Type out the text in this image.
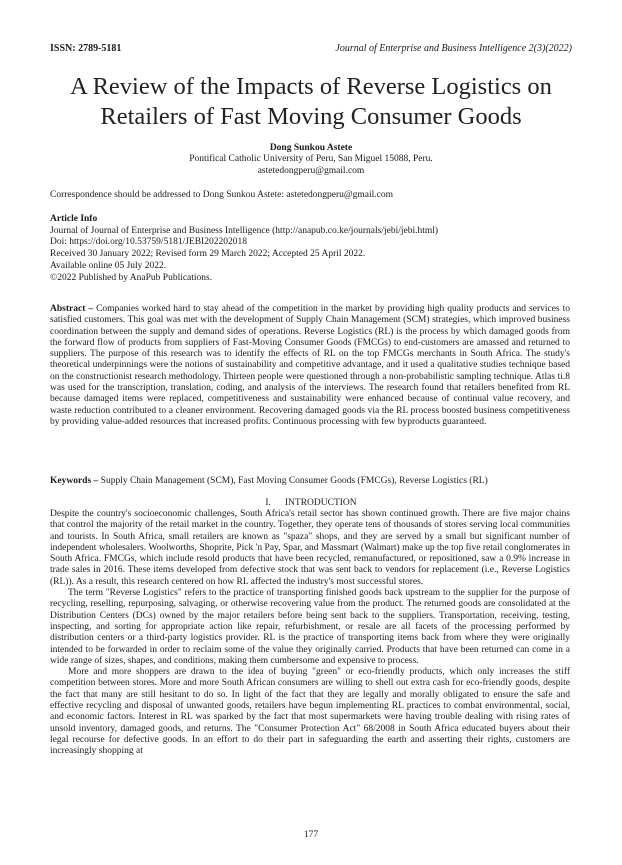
ISSN: 2789-5181	Journal of Enterprise and Business Intelligence 2(3)(2022)
A Review of the Impacts of Reverse Logistics on
Retailers of Fast Moving Consumer Goods
Dong Sunkou Astete
Pontifical Catholic University of Peru, San Miguel 15088, Peru.
astetedongperu@gmail.com
Correspondence should be addressed to Dong Sunkou Astete: astetedongperu@gmail.com
Article Info
Journal of Journal of Enterprise and Business Intelligence (http://anapub.co.ke/journals/jebi/jebi.html)
Doi: https://doi.org/10.53759/5181/JEBI202202018
Received 30 January 2022; Revised form 29 March 2022; Accepted 25 April 2022.
Available online 05 July 2022.
©2022 Published by AnaPub Publications.
Abstract – Companies worked hard to stay ahead of the competition in the market by providing high quality products and services to satisfied customers. This goal was met with the development of Supply Chain Management (SCM) strategies, which improved business coordination between the supply and demand sides of operations. Reverse Logistics (RL) is the process by which damaged goods from the forward flow of products from suppliers of Fast-Moving Consumer Goods (FMCGs) to end-customers are amassed and returned to suppliers. The purpose of this research was to identify the effects of RL on the top FMCGs merchants in South Africa. The study's theoretical underpinnings were the notions of sustainability and competitive advantage, and it used a qualitative studies technique based on the constructionist research methodology. Thirteen people were questioned through a non-probabilistic sampling technique. Atlas ti.8 was used for the transcription, translation, coding, and analysis of the interviews. The research found that retailers benefited from RL because damaged items were replaced, competitiveness and sustainability were enhanced because of continual value recovery, and waste reduction contributed to a cleaner environment. Recovering damaged goods via the RL process boosted business competitiveness by providing value-added resources that increased profits. Continuous processing with few byproducts guaranteed.
Keywords – Supply Chain Management (SCM), Fast Moving Consumer Goods (FMCGs), Reverse Logistics (RL)
I. INTRODUCTION

Despite the country's socioeconomic challenges, South Africa's retail sector has shown continued growth. There are five major chains that control the majority of the retail market in the country. Together, they operate tens of thousands of stores serving local communities and tourists. In South Africa, small retailers are known as "spaza" shops, and they are served by a small but significant number of independent wholesalers. Woolworths, Shoprite, Pick 'n Pay, Spar, and Massmart (Walmart) make up the top five retail conglomerates in South Africa. FMCGs, which include resold products that have been recycled, remanufactured, or repositioned, saw a 0.9% increase in trade sales in 2016. These items developed from defective stock that was sent back to vendors for replacement (i.e., Reverse Logistics (RL)). As a result, this research centered on how RL affected the industry's most successful stores.

The term "Reverse Logistics" refers to the practice of transporting finished goods back upstream to the supplier for the purpose of recycling, reselling, repurposing, salvaging, or otherwise recovering value from the product. The returned goods are consolidated at the Distribution Centers (DCs) owned by the major retailers before being sent back to the suppliers. Transportation, receiving, testing, inspecting, and sorting for appropriate action like repair, refurbishment, or resale are all facets of the processing performed by distribution centers or a third-party logistics provider. RL is the practice of transporting items back from where they were originally intended to be forwarded in order to reclaim some of the value they originally carried. Products that have been returned can come in a wide range of sizes, shapes, and conditions, making them cumbersome and expensive to process.

More and more shoppers are drawn to the idea of buying "green" or eco-friendly products, which only increases the stiff competition between stores. More and more South African consumers are willing to shell out extra cash for eco-friendly goods, despite the fact that many are still hesitant to do so. In light of the fact that they are legally and morally obligated to ensure the safe and effective recycling and disposal of unwanted goods, retailers have begun implementing RL practices to combat environmental, social, and economic factors. Interest in RL was sparked by the fact that most supermarkets were having trouble dealing with rising rates of unsold inventory, damaged goods, and returns. The "Consumer Protection Act" 68/2008 in South Africa educated buyers about their legal recourse for defective goods. In an effort to do their part in safeguarding the earth and asserting their rights, customers are increasingly shopping at

177
